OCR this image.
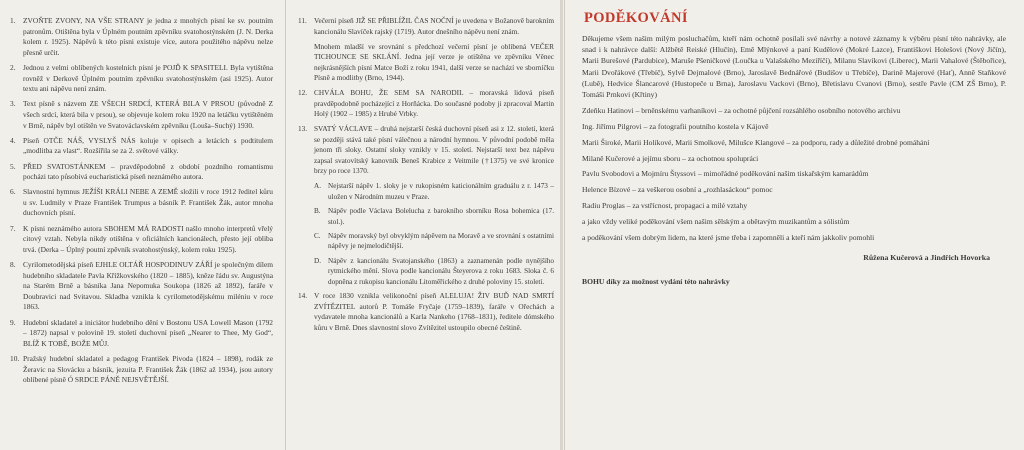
1.	ZVOŇTE ZVONY, NA VŠE STRANY je jedna z mnohých písní ke sv. poutním patronům. Otištěna byla v Úplném poutním zpěvníku svatohostýnském (J. N. Derka kolem r. 1925). Nápěvů k této písni existuje více, autora použitého nápěvu nelze přesně určit.
2.	Jednou z velmi oblíbených kostelních písní je POJĎ K SPASITELI. Byla vytištěna rovněž v Derkově Úplném poutním zpěvníku svatohostýnském (asi 1925). Autor textu ani nápěvu není znám.
3.	Text písně s názvem ZE VŠECH SRDCÍ, KTERÁ BILA V PRSOU (původně Z všech srdcí, která bila v prsou), se objevuje kolem roku 1920 na letáčku vytištěném v Brně, nápěv byl otištěn ve Svatováclavském zpěvníku (Louša–Suchý) 1930.
4.	Píseň OTČE NÁŠ, VYSLYŠ NÁS koluje v opisech a letácích s podtitulem „modlitba za vlast“. Rozšířila se za 2. světové války.
5.	PŘED SVATOSTÁNKEM – pravděpodobně z období pozdního romantismu pocházi tato působivá eucharistická píseň neznámého autora.
6.	Slavnostní hymnus JEŽÍŠI KRÁLI NEBE A ZEMĚ složili v roce 1912 ředitel kůru u sv. Ludmily v Praze František Trumpus a básník P. František Žák, autor mnoha duchovních písní.
7.	K písni neznámého autora SBOHEM MÁ RADOSTI našlo mnoho interpretů vřelý citový vztah. Nebyla nikdy otištěna v oficiálních kancionálech, přesto její obliba trvá. (Derka – Úplný poutní zpěvník svatohostýnský, kolem roku 1925).
8.	Cyrilometodějská píseň EJHLE OLTÁŘ HOSPODINUV ZÁŘÍ je společným dílem hudebního skladatele Pavla Křížkovského (1820 – 1885), kněze řádu sv. Augustýna na Starém Brně a básníka Jana Nepomuka Soukopa (1826 až 1892), faráře v Doubravici nad Svitavou. Skladba vznikla k cyrilometodějskému miléniu v roce 1863.
9.	Hudební skladatel a iniciátor hudebního dění v Bostonu USA Lowell Mason (1792 – 1872) napsal v polovině 19. století duchovní píseň „Nearer to Thee, My God“, BLÍŽ K TOBĚ, BOŽE MŮJ.
10. Pražský hudební skladatel a pedagog František Pivoda (1824 – 1898), rodák ze Žeravic na Slovácku a básník, jezuita P. František Žák (1862 až 1934), jsou autory oblíbené písně Ó SRDCE PÁNĚ NEJSVĚTĚJŠÍ.
11. Večerní píseň JIŽ SE PŘIBLÍŽIL ČAS NOČNÍ je uvedena v Božanově barokním kancionálu Slavíček rajský (1719). Autor dnešního nápěvu není znám.
Mnohem mladší ve srovnání s předchozí večerní písní je oblíbená VEČER TICHOUNCE SE SKLÁNÍ. Jedna její verze je otištěna ve zpěvníku Věnec nejkrásnějších písní Matce Boží z roku 1941, další verze se nachází ve sborníčku Písně a modlitby (Brno, 1944).
12. CHVÁLA BOHU, ŽE SEM SA NARODIL – moravská lidová píseň pravděpodobně pocházející z Horňácka. Do současné podoby ji zpracoval Martin Holý (1902 – 1985) z Hrubé Vrbky.
13. SVATÝ VÁCLAVE – druhá nejstarší česká duchovní píseň asi z 12. století, která se později stává také písní válečnou a národní hymnou. V původní podobě měla jenom tři sloky. Ostatní sloky vznikly v 15. století. Nejstarší text bez nápěvu zapsal svatovítský kanovník Beneš Krabice z Veitmile (†1375) ve své kronice brzy po roce 1370.
A. Nejstarší nápěv 1. sloky je v rukopisném katicionálním graduálu z r. 1473 – uložen v Národním muzeu v Praze.
B.	Nápěv podle Václava Bolelucha z barokního sborníku Rosa bohemica (17. stol.).
C.	Nápěv moravský byl obvyklým nápěvem na Moravě a ve srovnání s ostatními nápěvy je nejmelodičtější.
D. Nápěv z kancionálu Svatojanského (1863) a zaznamenán podle nynějšího rytmického mění. Slova podle kancionálu Šteyerova z roku 1683. Sloka č. 6 dopněna z rukopisu kancionálu Litoměřického z druhé poloviny 15. století.
14. V roce 1830 vznikla velikonoční píseň ALELUJA! ŽIV BUĎ NAD SMRTÍ ZVÍTĚZITEL autorů P. Tomáše Fryčaje (1759–1839), faráře v Ořechách a vydavatele mnoha kancionálů a Karla Nankeho (1768–1831), ředitele dómského kůru v Brně. Dnes slavnostní slovo Zvítězitel ustoupilo obecné češtině.
PODĚKOVÁNÍ
Děkujeme všem našim milým posluchačům, kteří nám ochotně posílali své návrhy a notové záznamy k výběru písní této nahrávky, ale snad i k nahrávce další: Alžbětě Reiské (Hlučín), Emě Mlýnkové a paní Kudělové (Mokré Lazce), Františkovi Holešovi (Nový Jičín), Marii Burešové (Pardubice), Maruše Pšeničkové (Loučka u Valašského Meziříčí), Milanu Slavíkovi (Liberec), Marii Vahalové (Štěbořice), Marii Dvořákové (Třebíč), Sylvě Dejmalové (Brno), Jaroslavě Bednářové (Budišov u Třebíče), Darině Majerové (Hať), Anně Staňkové (Lubě), Hedvice Šlancarové (Hustopeče u Brna), Jaroslavu Vackovi (Brno), Břetislavu Cvanovi (Brno), sestře Pavle (CM ZŠ Brno), P. Tomáši Prnkovi (Křtiny)
Zdeňku Hatinovi – brněnskému varhaníkovi – za ochotné půjčení rozsáhlého osobního notového archivu
Ing. Jiřímu Pilgrovi – za fotografii poutního kostela v Kájově
Marii Široké, Marii Holíkové, Marii Smolkové, Milušce Klangové – za podporu, rady a důležité drobné pomáhání
Milaně Kučerové a jejímu sboru – za ochotnou spolupráci
Pavlu Svobodovi a Mojmíru Štyssovi – mimořádné poděkování našim tiskařským kamarádům
Helence Bízové – za veškerou osobní a „rozhlasáckou“ pomoc
Radiu Proglas – za vstřícnost, propagaci a milé vztahy
a jako vždy veliké poděkování všem našim sělským a obětavým muzikantům a sólistům
a poděkování všem dobrým lidem, na které jsme třeba i zapomněli a kteří nám jakkoliv pomohli
Růžena Kučerová a Jindřich Hovorka
BOHU díky za možnost vydání této nahrávky
